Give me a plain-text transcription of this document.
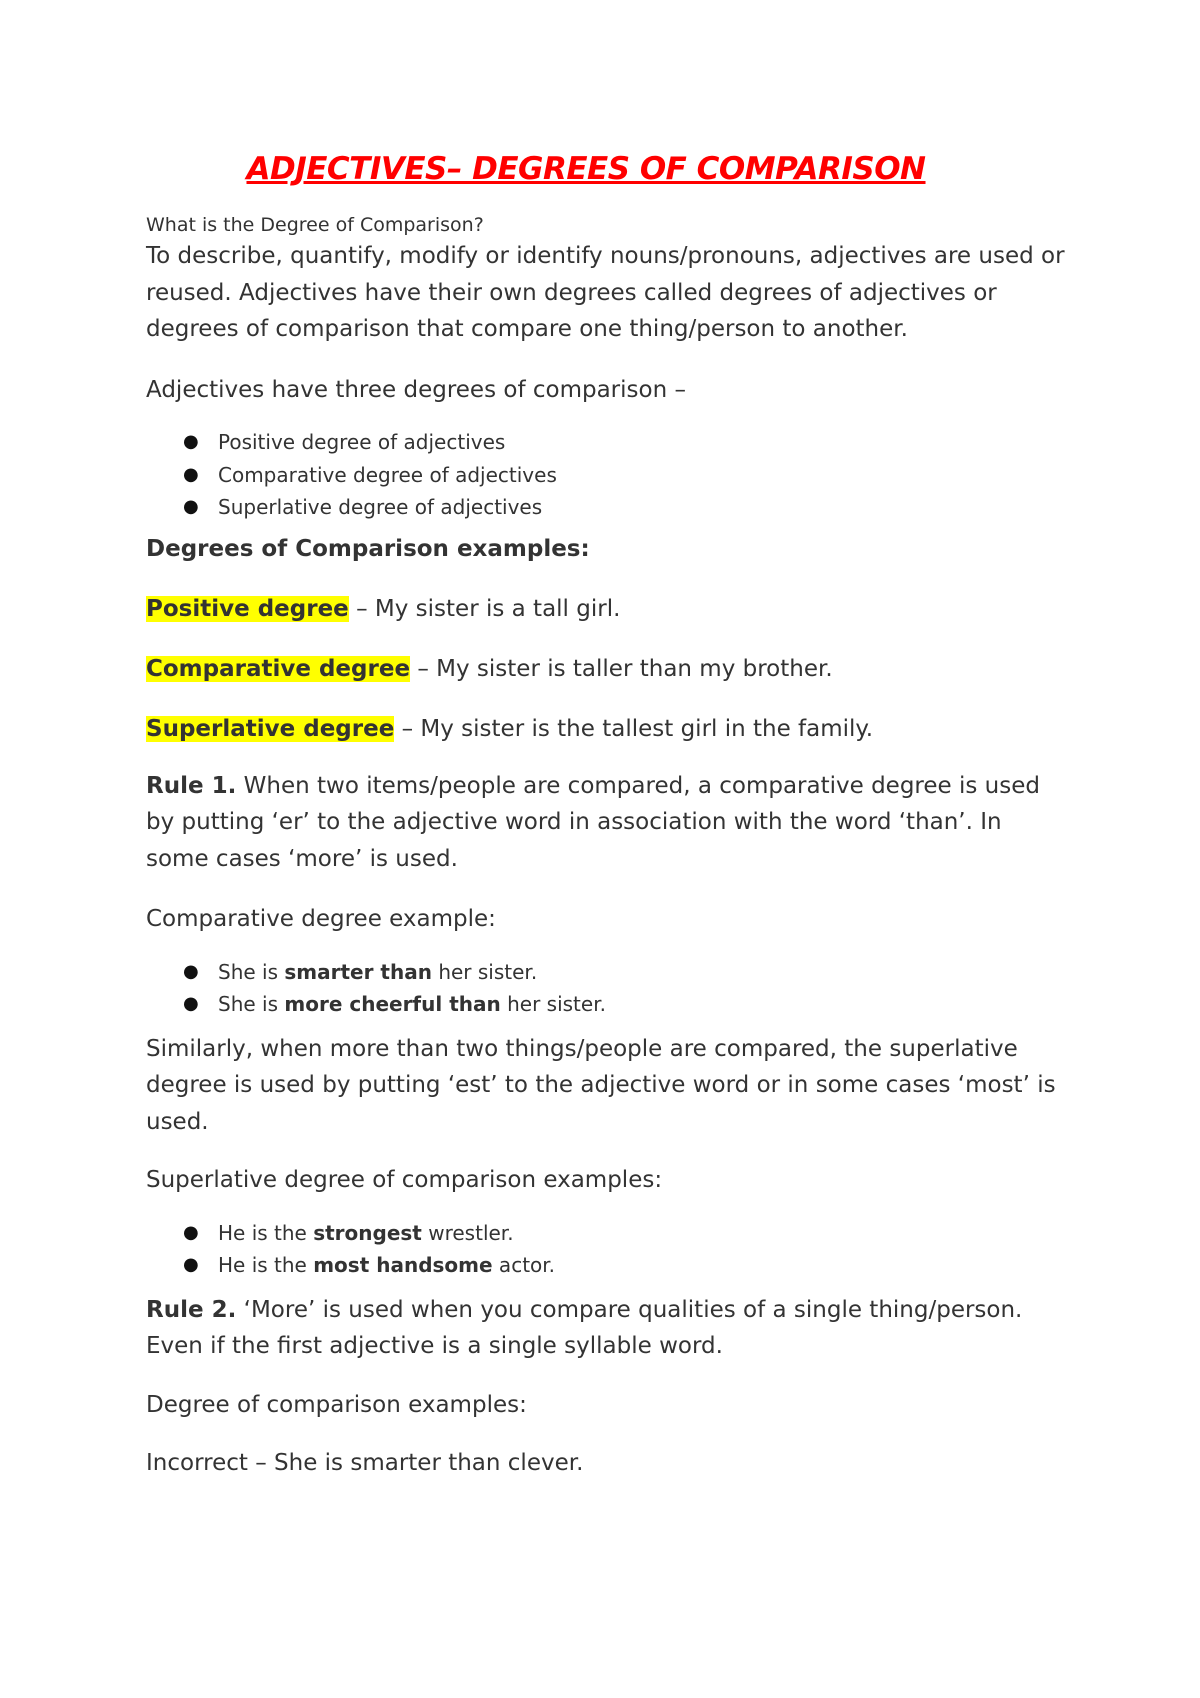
ADJECTIVES– DEGREES OF COMPARISON
What is the Degree of Comparison?

To describe, quantify, modify or identify nouns/pronouns, adjectives are used or reused. Adjectives have their own degrees called degrees of adjectives or degrees of comparison that compare one thing/person to another.

Adjectives have three degrees of comparison –

● Positive degree of adjectives
● Comparative degree of adjectives
● Superlative degree of adjectives
Degrees of Comparison examples:
Positive degree – My sister is a tall girl.
Comparative degree – My sister is taller than my brother.
Superlative degree – My sister is the tallest girl in the family.

Rule 1. When two items/people are compared, a comparative degree is used by putting ‘er’ to the adjective word in association with the word ‘than’. In some cases ‘more’ is used.

Comparative degree example:

● She is smarter than her sister.
● She is more cheerful than her sister.

Similarly, when more than two things/people are compared, the superlative degree is used by putting ‘est’ to the adjective word or in some cases ‘most’ is used.

Superlative degree of comparison examples:

● He is the strongest wrestler.
● He is the most handsome actor.

Rule 2. ‘More’ is used when you compare qualities of a single thing/person. Even if the first adjective is a single syllable word.

Degree of comparison examples:

Incorrect – She is smarter than clever.
